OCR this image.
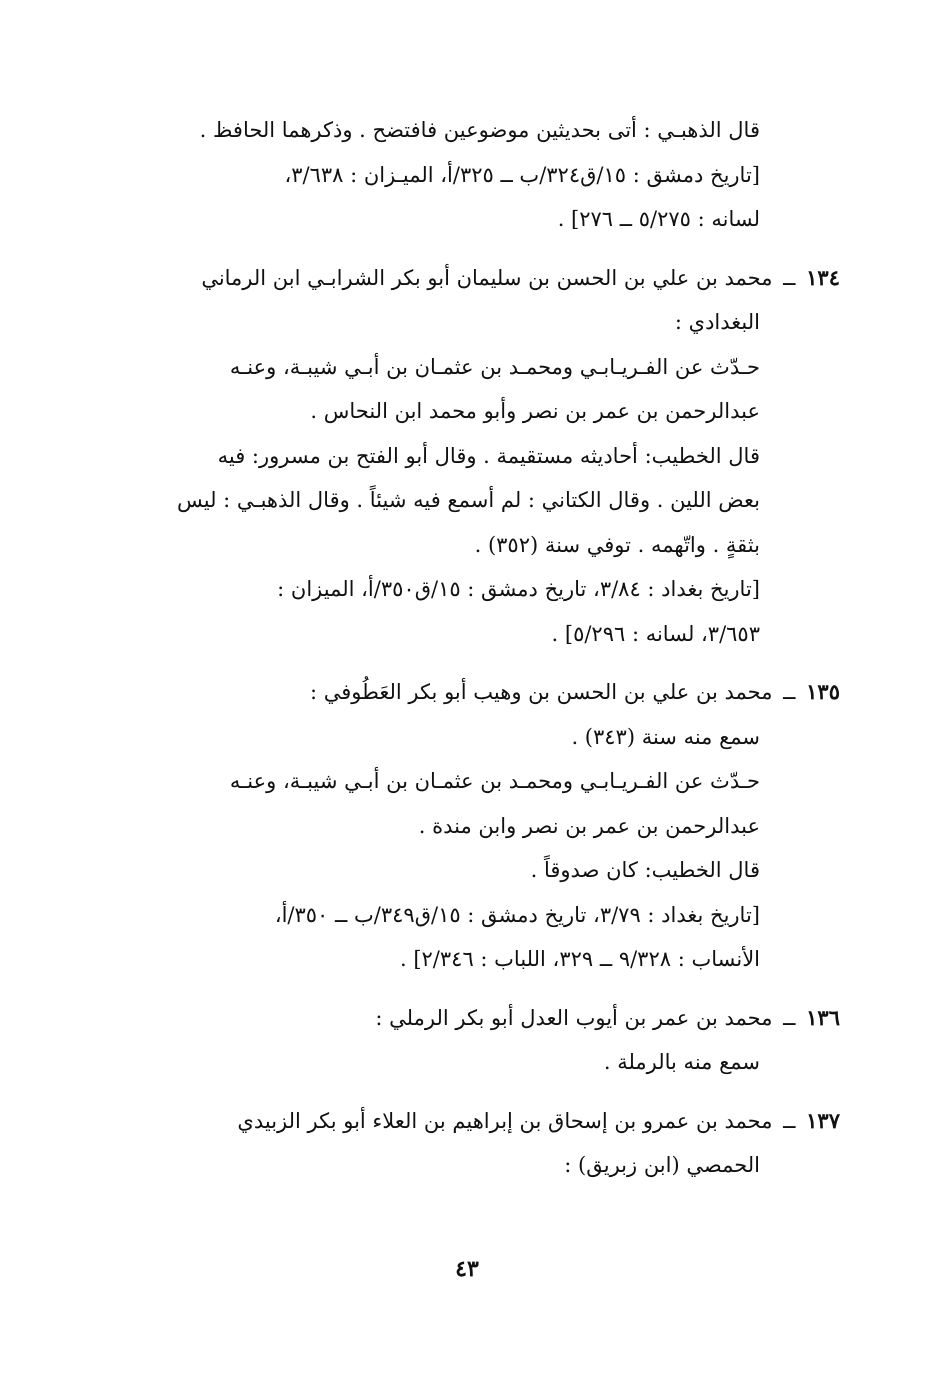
قال الذهبـي : أتى بحديثين موضوعين فافتضح . وذكرهما الحافظ .
[تاريخ دمشق : ١٥/ق٣٢٤/ب ــ ٣٢٥/أ، الميـزان : ٣/٦٣٨،
لسانه : ٥/٢٧٥ ــ ٢٧٦] .
١٣٤ ــ محمد بن علي بن الحسن بن سليمان أبو بكر الشرابـي ابن الرماني
البغدادي :
حـدّث عن الفـريـابـي ومحمـد بن عثمـان بن أبـي شيبـة، وعنـه
عبدالرحمن بن عمر بن نصر وأبو محمد ابن النحاس .
قال الخطيب: أحاديثه مستقيمة . وقال أبو الفتح بن مسرور: فيه
بعض اللين . وقال الكتاني : لم أسمع فيه شيئاً . وقال الذهبـي : ليس
بثقةٍ . واتّهمه . توفي سنة (٣٥٢) .
[تاريخ بغداد : ٣/٨٤، تاريخ دمشق : ١٥/ق٣٥٠/أ، الميزان :
٣/٦٥٣، لسانه : ٥/٢٩٦] .
١٣٥ ــ محمد بن علي بن الحسن بن وهيب أبو بكر العَطُوفي :
سمع منه سنة (٣٤٣) .
حـدّث عن الفـريـابـي ومحمـد بن عثمـان بن أبـي شيبـة، وعنـه
عبدالرحمن بن عمر بن نصر وابن مندة .
قال الخطيب: كان صدوقاً .
[تاريخ بغداد : ٣/٧٩، تاريخ دمشق : ١٥/ق٣٤٩/ب ــ ٣٥٠/أ،
الأنساب : ٩/٣٢٨ ــ ٣٢٩، اللباب : ٢/٣٤٦] .
١٣٦ ــ محمد بن عمر بن أيوب العدل أبو بكر الرملي :
سمع منه بالرملة .
١٣٧ ــ محمد بن عمرو بن إسحاق بن إبراهيم بن العلاء أبو بكر الزبيدي
الحمصي (ابن زبريق) :
٤٣
